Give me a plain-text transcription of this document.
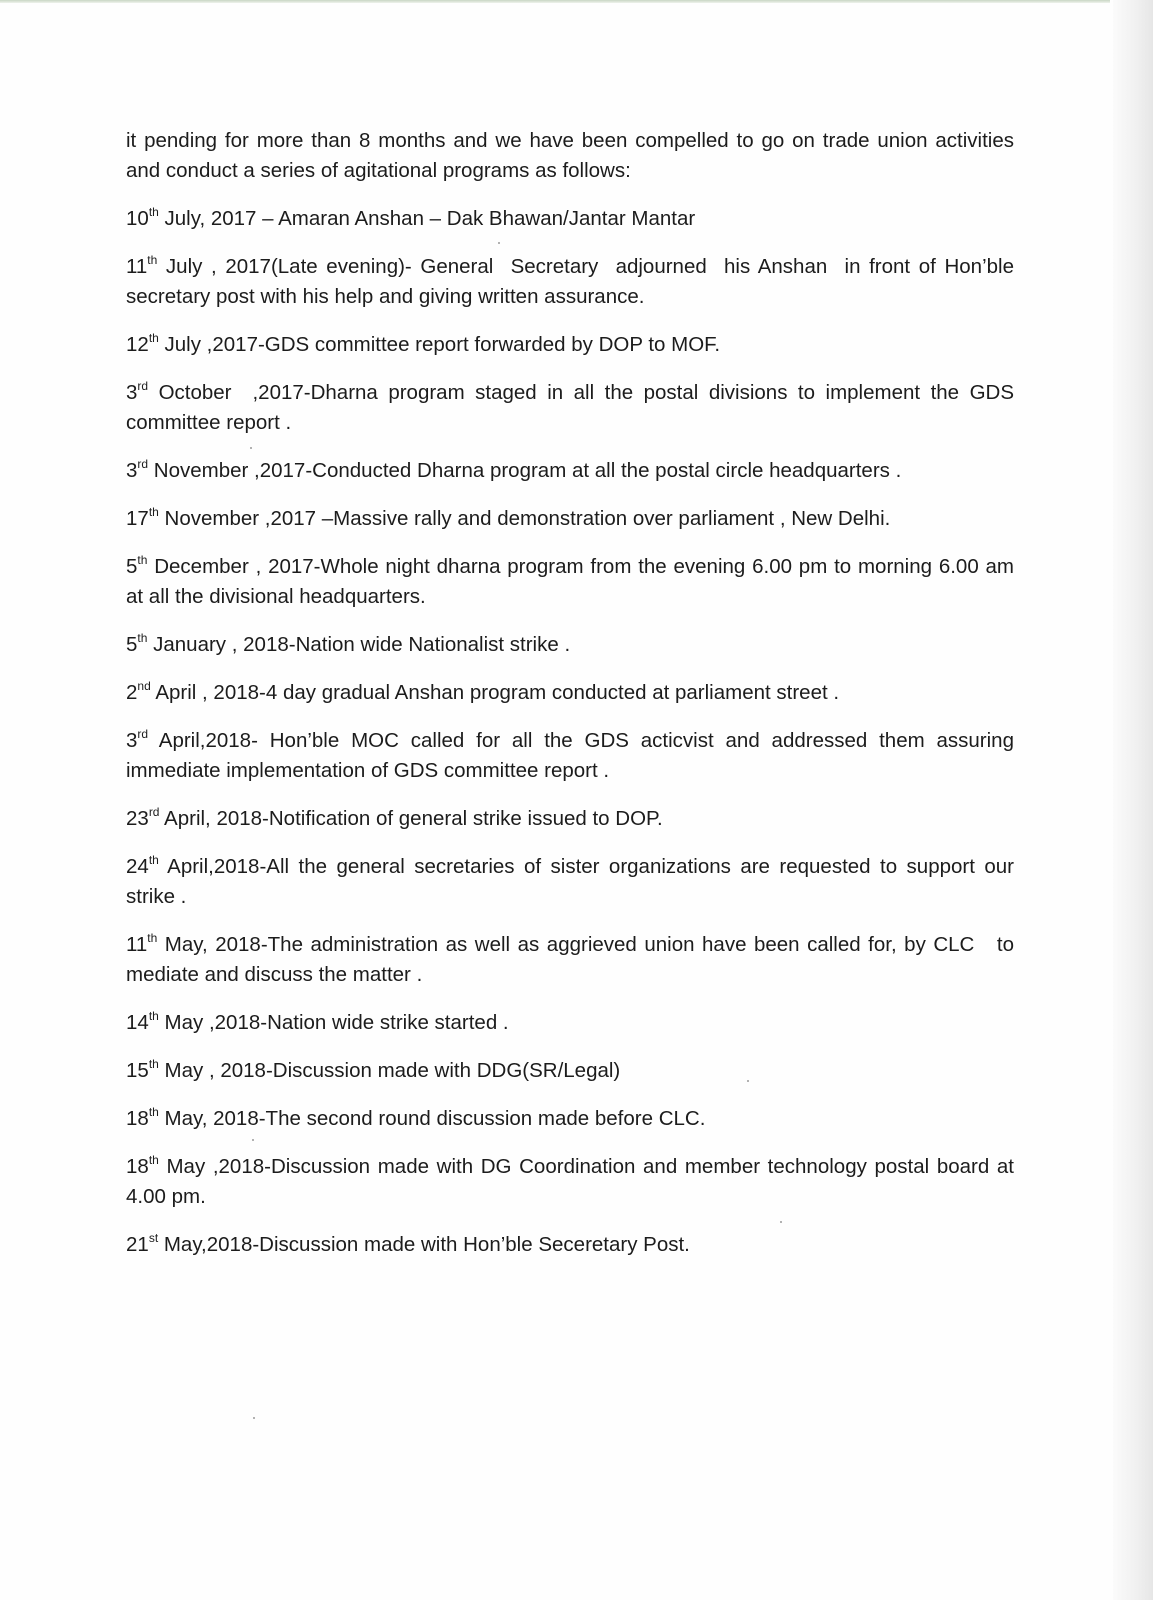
it pending for more than 8 months and we have been compelled to go on trade union activities and conduct a series of agitational programs as follows:

10th July, 2017 – Amaran Anshan – Dak Bhawan/Jantar Mantar

11th July , 2017(Late evening)- General  Secretary  adjourned  his Anshan  in front of Hon’ble secretary post with his help and giving written assurance.

12th July ,2017-GDS committee report forwarded by DOP to MOF.

3rd October  ,2017-Dharna program staged in all the postal divisions to implement the GDS committee report .

3rd November ,2017-Conducted Dharna program at all the postal circle headquarters .

17th November ,2017 –Massive rally and demonstration over parliament , New Delhi.

5th December , 2017-Whole night dharna program from the evening 6.00 pm to morning 6.00 am at all the divisional headquarters.

5th January , 2018-Nation wide Nationalist strike .

2nd April , 2018-4 day gradual Anshan program conducted at parliament street .

3rd April,2018- Hon’ble MOC called for all the GDS acticvist and addressed them assuring immediate implementation of GDS committee report .

23rd April, 2018-Notification of general strike issued to DOP.

24th April,2018-All the general secretaries of sister organizations are requested to support our strike .

11th May, 2018-The administration as well as aggrieved union have been called for, by CLC   to mediate and discuss the matter .

14th May ,2018-Nation wide strike started .

15th May , 2018-Discussion made with DDG(SR/Legal)

18th May, 2018-The second round discussion made before CLC.

18th May ,2018-Discussion made with DG Coordination and member technology postal board at 4.00 pm.

21st May,2018-Discussion made with Hon’ble Seceretary Post.
